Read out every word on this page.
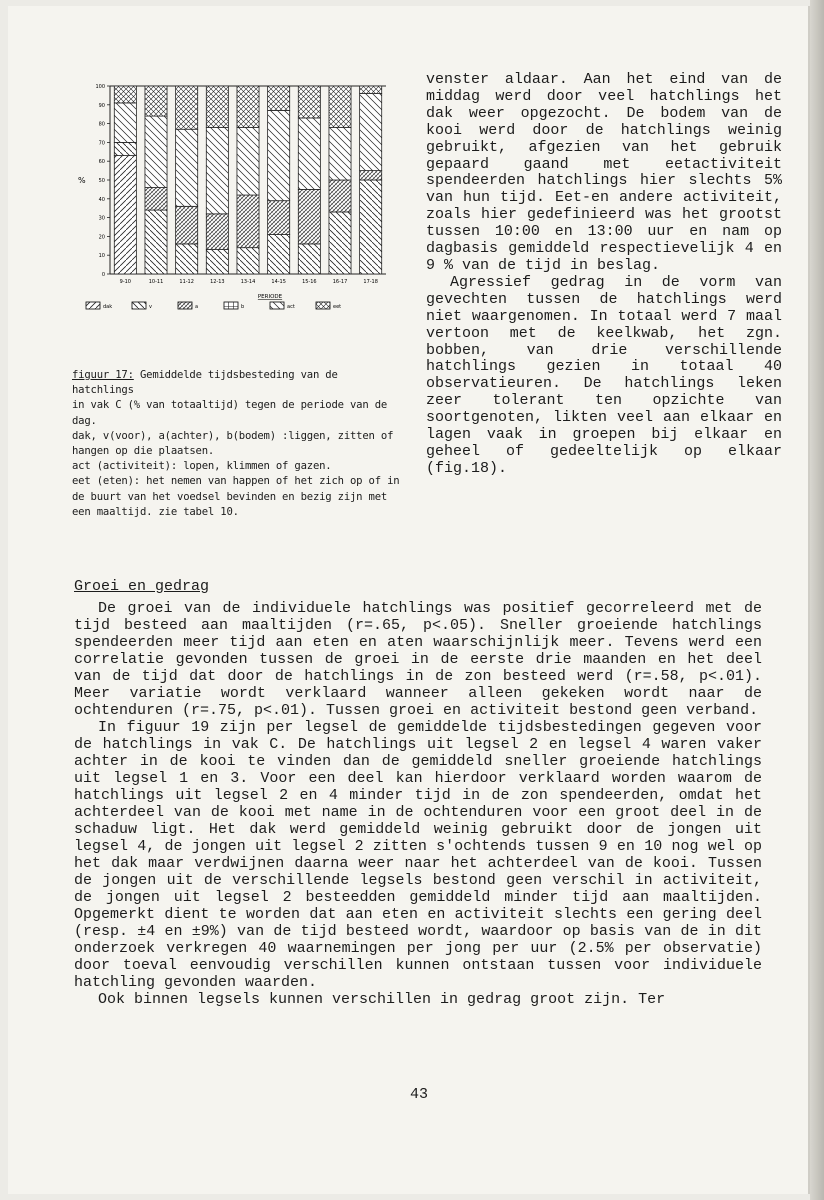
0
10
20
30
40
50
60
70
80
90
100
%
9-10	10-11	11-12	12-13	13-14	14-15	15-16	16-17	17-18
PERIODE
dak	v	a	b	act	eet

figuur 17: Gemiddelde tijdsbesteding van de hatchlings

in vak C (% van totaaltijd) tegen de periode van de

dag.

dak, v(voor), a(achter), b(bodem) :liggen, zitten of

hangen op die plaatsen.

act (activiteit): lopen, klimmen of gazen.

eet (eten): het nemen van happen of het zich op of in

de buurt van het voedsel bevinden en bezig zijn met

een maaltijd. zie tabel 10.

venster aldaar. Aan het eind van de middag werd door veel hatchlings het dak weer opgezocht. De bodem van de kooi werd door de hatchlings weinig gebruikt, afgezien van het gebruik gepaard gaand met eetactiviteit spendeerden hatchlings hier slechts 5% van hun tijd. Eet-en andere activiteit, zoals hier gedefinieerd was het grootst tussen 10:00 en 13:00 uur en nam op dagbasis gemiddeld respectievelijk 4 en 9 % van de tijd in beslag.

Agressief gedrag in de vorm van gevechten tussen de hatchlings werd niet waargenomen. In totaal werd 7 maal vertoon met de keelkwab, het zgn. bobben, van drie verschillende hatchlings gezien in totaal 40 observatieuren. De hatchlings leken zeer tolerant ten opzichte van soortgenoten, likten veel aan elkaar en lagen vaak in groepen bij elkaar en geheel of gedeeltelijk op elkaar (fig.18).

Groei en gedrag

De groei van de individuele hatchlings was positief gecorreleerd met de tijd besteed aan maaltijden (r=.65, p<.05). Sneller groeiende hatchlings spendeerden meer tijd aan eten en aten waarschijnlijk meer. Tevens werd een correlatie gevonden tussen de groei in de eerste drie maanden en het deel van de tijd dat door de hatchlings in de zon besteed werd (r=.58, p<.01). Meer variatie wordt verklaard wanneer alleen gekeken wordt naar de ochtenduren (r=.75, p<.01). Tussen groei en activiteit bestond geen verband.

In figuur 19 zijn per legsel de gemiddelde tijdsbestedingen gegeven voor de hatchlings in vak C. De hatchlings uit legsel 2 en legsel 4 waren vaker achter in de kooi te vinden dan de gemiddeld sneller groeiende hatchlings uit legsel 1 en 3. Voor een deel kan hierdoor verklaard worden waarom de hatchlings uit legsel 2 en 4 minder tijd in de zon spendeerden, omdat het achterdeel van de kooi met name in de ochtenduren voor een groot deel in de schaduw ligt. Het dak werd gemiddeld weinig gebruikt door de jongen uit legsel 4, de jongen uit legsel 2 zitten s'ochtends tussen 9 en 10 nog wel op het dak maar verdwijnen daarna weer naar het achterdeel van de kooi. Tussen de jongen uit de verschillende legsels bestond geen verschil in activiteit, de jongen uit legsel 2 besteedden gemiddeld minder tijd aan maaltijden. Opgemerkt dient te worden dat aan eten en activiteit slechts een gering deel (resp. ±4 en ±9%) van de tijd besteed wordt, waardoor op basis van de in dit onderzoek verkregen 40 waarnemingen per jong per uur (2.5% per observatie) door toeval eenvoudig verschillen kunnen ontstaan tussen voor individuele hatchling gevonden waarden.

Ook binnen legsels kunnen verschillen in gedrag groot zijn. Ter

43
